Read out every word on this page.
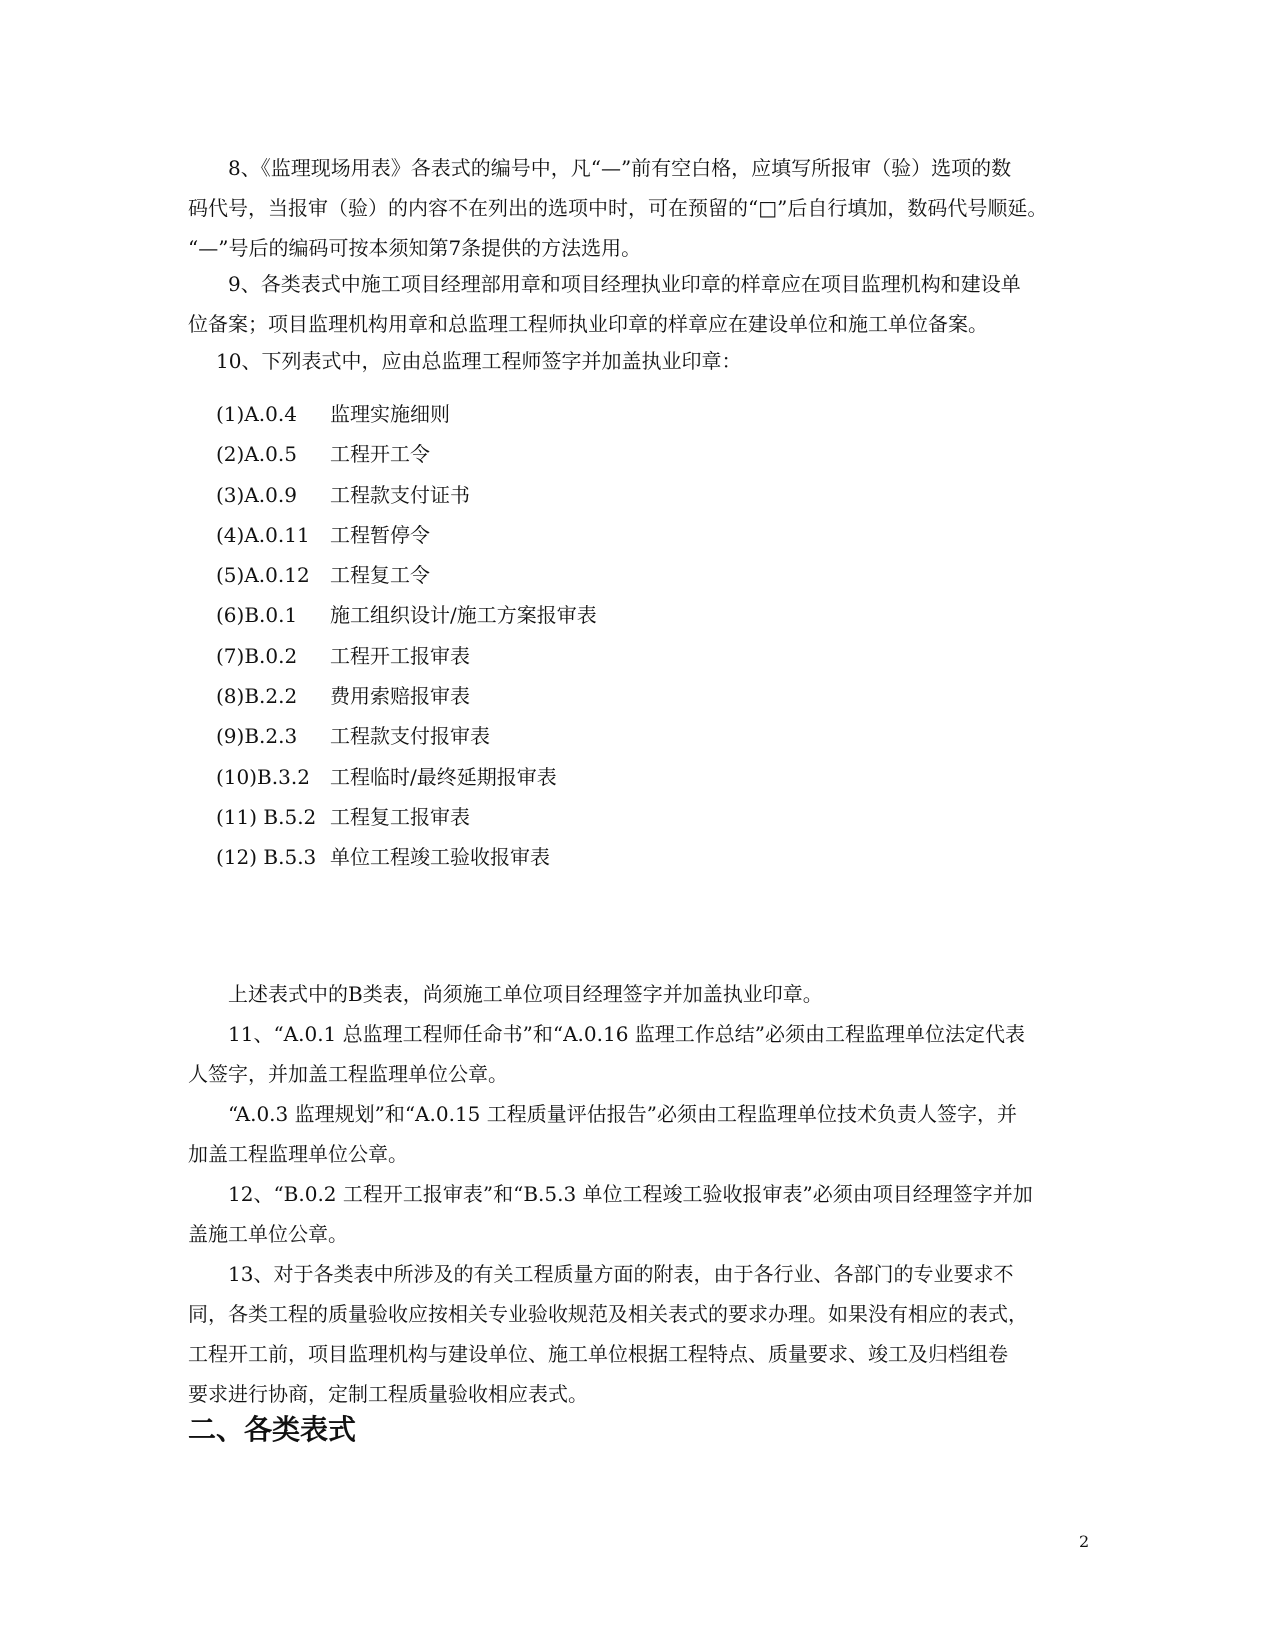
8、《监理现场用表》各表式的编号中，凡“—”前有空白格，应填写所报审（验）选项的数
码代号，当报审（验）的内容不在列出的选项中时，可在预留的“□”后自行填加，数码代号顺延。
“—”号后的编码可按本须知第7条提供的方法选用。
9、各类表式中施工项目经理部用章和项目经理执业印章的样章应在项目监理机构和建设单
位备案；项目监理机构用章和总监理工程师执业印章的样章应在建设单位和施工单位备案。
10、下列表式中，应由总监理工程师签字并加盖执业印章：
(1)A.0.4 监理实施细则
(2)A.0.5 工程开工令
(3)A.0.9 工程款支付证书
(4)A.0.11 工程暂停令
(5)A.0.12 工程复工令
(6)B.0.1 施工组织设计/施工方案报审表
(7)B.0.2 工程开工报审表
(8)B.2.2 费用索赔报审表
(9)B.2.3 工程款支付报审表
(10)B.3.2 工程临时/最终延期报审表
(11) B.5.2 工程复工报审表
(12) B.5.3 单位工程竣工验收报审表
上述表式中的B类表，尚须施工单位项目经理签字并加盖执业印章。
11、“A.0.1 总监理工程师任命书”和“A.0.16 监理工作总结”必须由工程监理单位法定代表
人签字，并加盖工程监理单位公章。
“A.0.3 监理规划”和“A.0.15 工程质量评估报告”必须由工程监理单位技术负责人签字，并
加盖工程监理单位公章。
12、“B.0.2 工程开工报审表”和“B.5.3 单位工程竣工验收报审表”必须由项目经理签字并加
盖施工单位公章。
13、对于各类表中所涉及的有关工程质量方面的附表，由于各行业、各部门的专业要求不
同，各类工程的质量验收应按相关专业验收规范及相关表式的要求办理。如果没有相应的表式，
工程开工前，项目监理机构与建设单位、施工单位根据工程特点、质量要求、竣工及归档组卷
要求进行协商，定制工程质量验收相应表式。
二、各类表式

2
